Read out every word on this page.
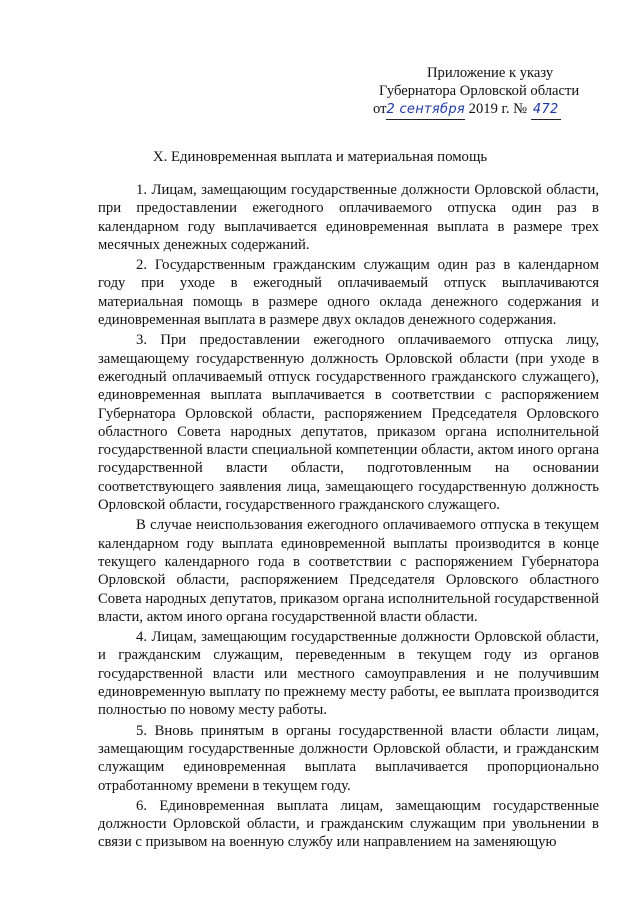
Приложение к указу
Губернатора Орловской области
от2 сентября 2019 г. № 472
X. Единовременная выплата и материальная помощь

1. Лицам, замещающим государственные должности Орловской области, при предоставлении ежегодного оплачиваемого отпуска один раз в календарном году выплачивается единовременная выплата в размере трех месячных денежных содержаний.

2. Государственным гражданским служащим один раз в календарном году при уходе в ежегодный оплачиваемый отпуск выплачиваются материальная помощь в размере одного оклада денежного содержания и единовременная выплата в размере двух окладов денежного содержания.

3. При предоставлении ежегодного оплачиваемого отпуска лицу, замещающему государственную должность Орловской области (при уходе в ежегодный оплачиваемый отпуск государственного гражданского служащего), единовременная выплата выплачивается в соответствии с распоряжением Губернатора Орловской области, распоряжением Председателя Орловского областного Совета народных депутатов, приказом органа исполнительной государственной власти специальной компетенции области, актом иного органа государственной власти области, подготовленным на основании соответствующего заявления лица, замещающего государственную должность Орловской области, государственного гражданского служащего.

В случае неиспользования ежегодного оплачиваемого отпуска в текущем календарном году выплата единовременной выплаты производится в конце текущего календарного года в соответствии с распоряжением Губернатора Орловской области, распоряжением Председателя Орловского областного Совета народных депутатов, приказом органа исполнительной государственной власти, актом иного органа государственной власти области.

4. Лицам, замещающим государственные должности Орловской области, и гражданским служащим, переведенным в текущем году из органов государственной власти или местного самоуправления и не получившим единовременную выплату по прежнему месту работы, ее выплата производится полностью по новому месту работы.

5. Вновь принятым в органы государственной власти области лицам, замещающим государственные должности Орловской области, и гражданским служащим единовременная выплата выплачивается пропорционально отработанному времени в текущем году.

6. Единовременная выплата лицам, замещающим государственные должности Орловской области, и гражданским служащим при увольнении в связи с призывом на военную службу или направлением на заменяющую
